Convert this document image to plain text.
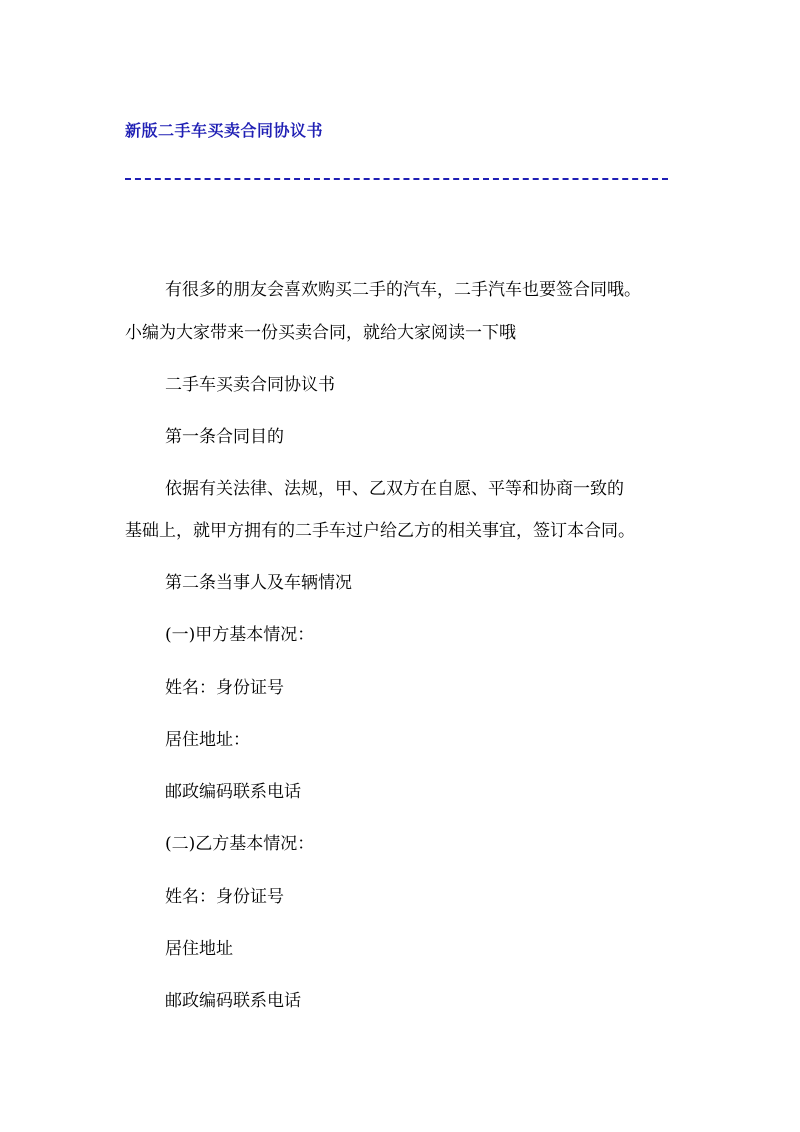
新版二手车买卖合同协议书
有很多的朋友会喜欢购买二手的汽车，二手汽车也要签合同哦。
小编为大家带来一份买卖合同，就给大家阅读一下哦
二手车买卖合同协议书
第一条合同目的
依据有关法律、法规，甲、乙双方在自愿、平等和协商一致的
基础上，就甲方拥有的二手车过户给乙方的相关事宜，签订本合同。
第二条当事人及车辆情况
(一)甲方基本情况：
姓名：身份证号
居住地址：
邮政编码联系电话
(二)乙方基本情况：
姓名：身份证号
居住地址
邮政编码联系电话
